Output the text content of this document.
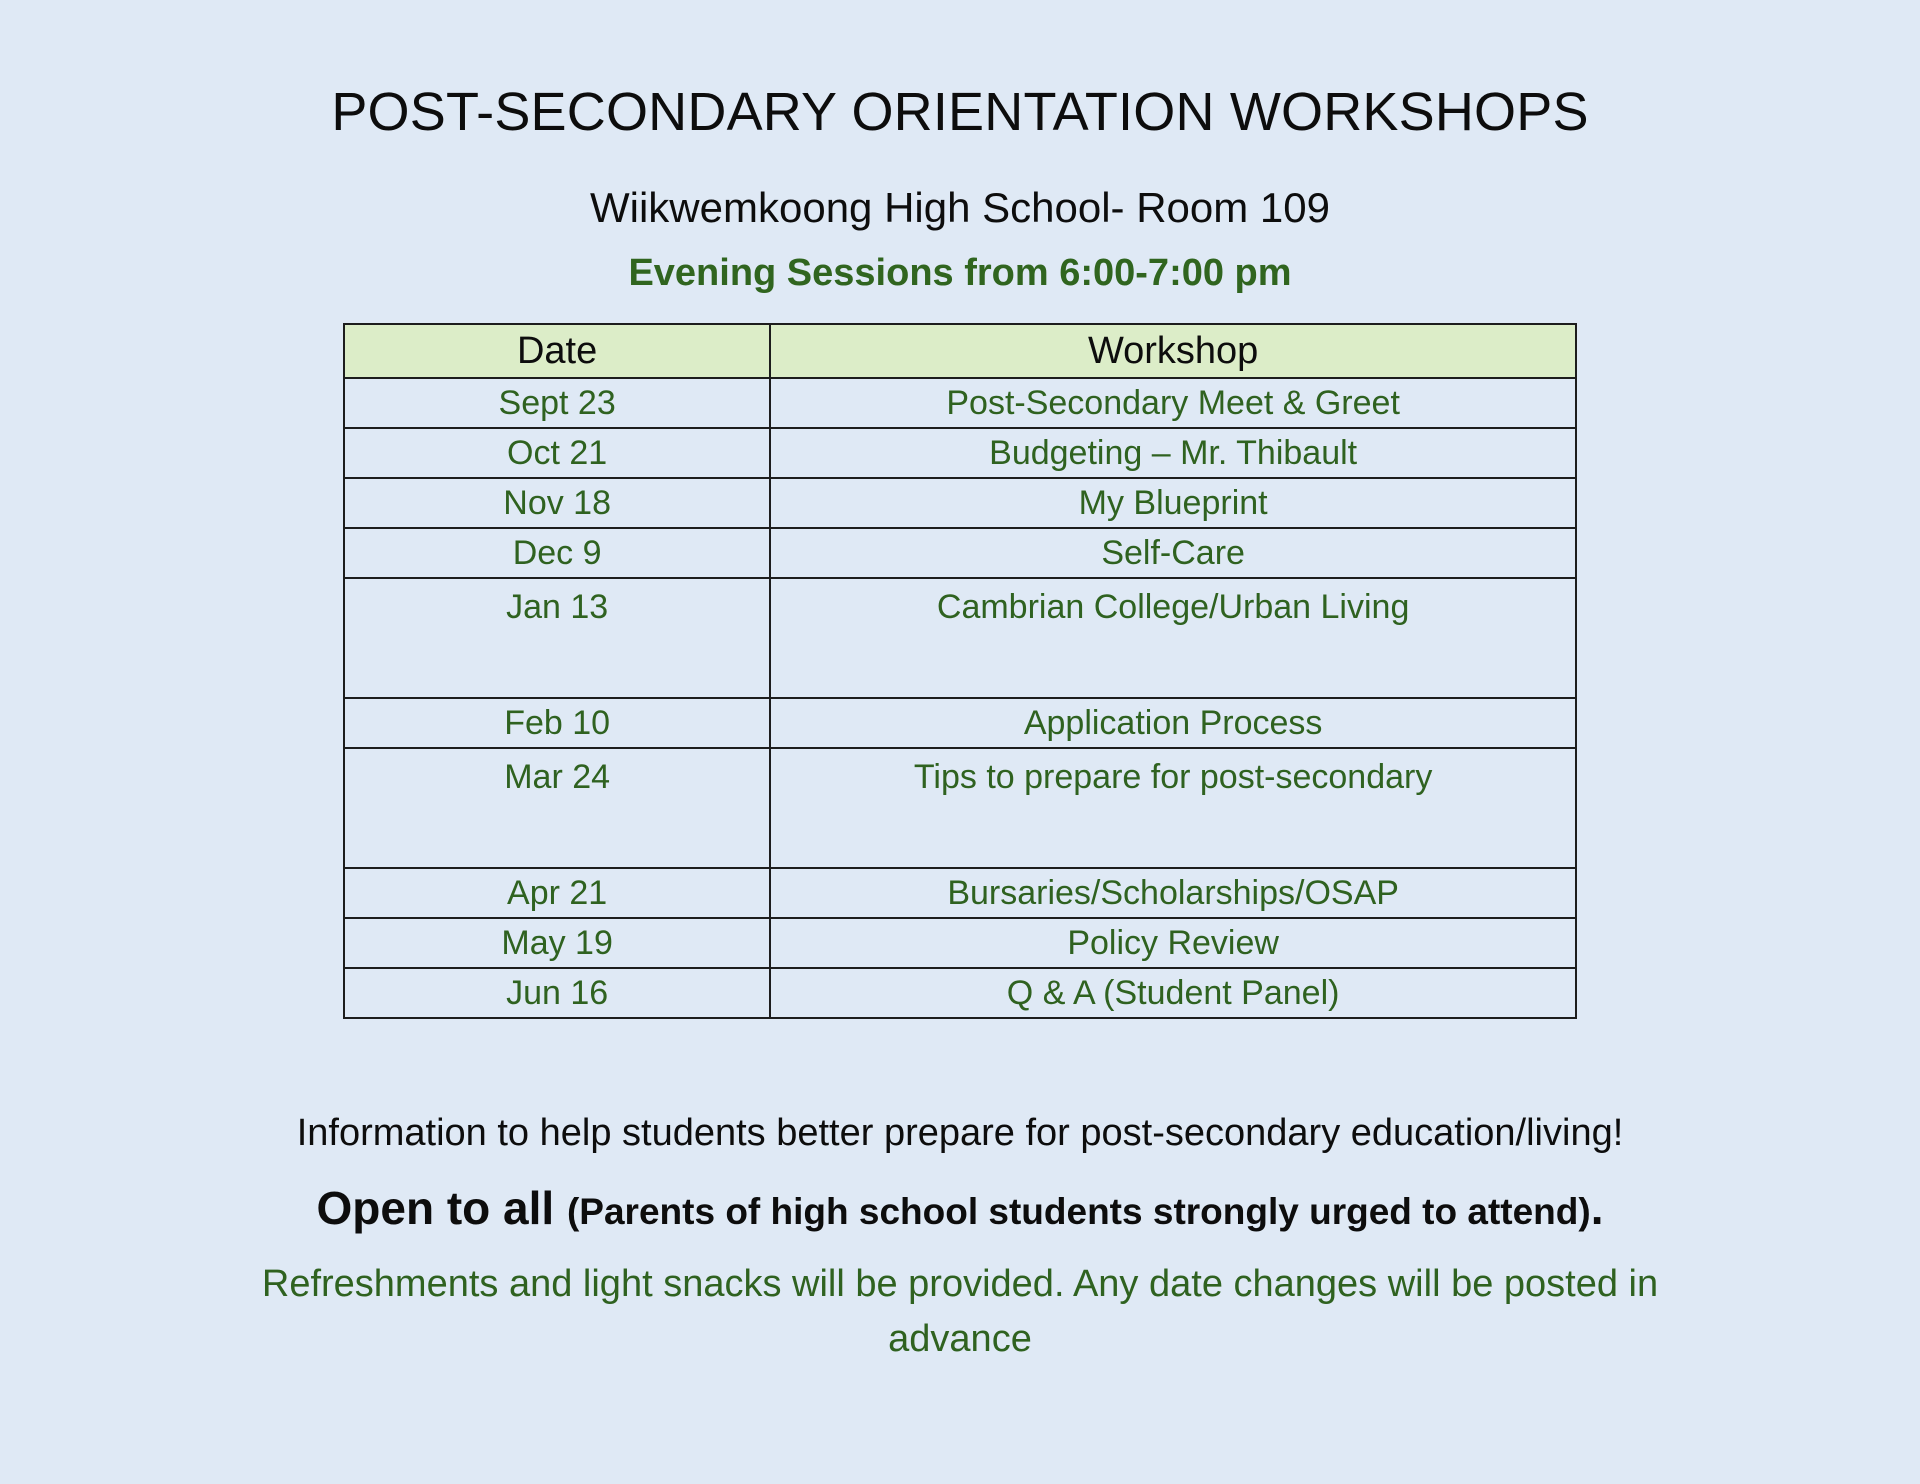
POST-SECONDARY ORIENTATION WORKSHOPS
Wiikwemkoong High School- Room 109
Evening Sessions from 6:00-7:00 pm
Date	Workshop
Sept 23	Post-Secondary Meet & Greet
Oct 21	Budgeting – Mr. Thibault
Nov 18	My Blueprint
Dec 9	Self-Care
Jan 13	Cambrian College/Urban Living
Feb 10	Application Process
Mar 24	Tips to prepare for post-secondary
Apr 21	Bursaries/Scholarships/OSAP
May 19	Policy Review
Jun 16	Q & A (Student Panel)

Information to help students better prepare for post-secondary education/living!

Open to all (Parents of high school students strongly urged to attend).

Refreshments and light snacks will be provided. Any date changes will be posted in advance
